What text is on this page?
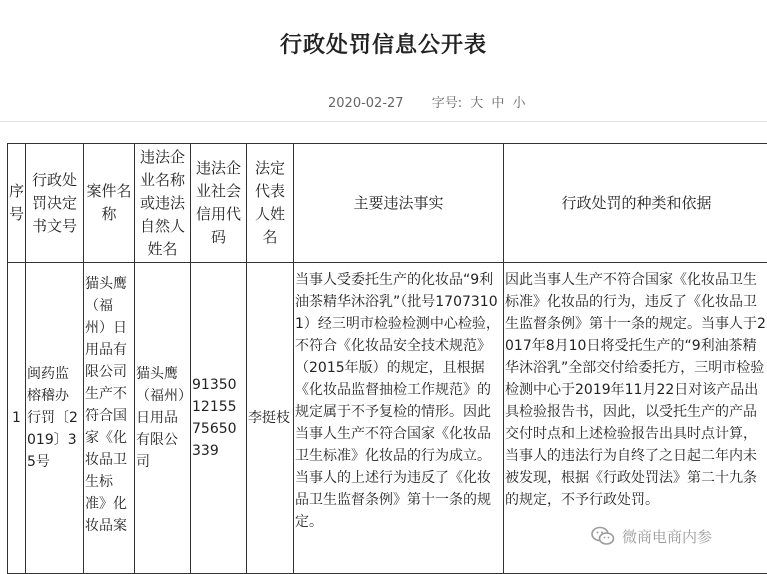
行政处罚信息公开表
2020-02-27 字号: 大 中 小
序号	行政处罚决定书文号	案件名称	违法企业名称或违法自然人姓名	违法企业社会信用代码	法定代表人姓名	主要违法事实	行政处罚的种类和依据
1	闽药监榕稽办行罚〔2019〕35号	猫头鹰（福州）日用品有限公司生产不符合国家《化妆品卫生标准》化妆品案	猫头鹰（福州）日用品有限公司	913501215575650339	李挺枝	当事人受委托生产的化妆品“9利油茶精华沐浴乳”（批号17073101）经三明市检验检测中心检验，不符合《化妆品安全技术规范》（2015年版）的规定，且根据《化妆品监督抽检工作规范》的规定属于不予复检的情形。因此当事人生产不符合国家《化妆品卫生标准》化妆品的行为成立。当事人的上述行为违反了《化妆品卫生监督条例》第十一条的规定。	因此当事人生产不符合国家《化妆品卫生标准》化妆品的行为，违反了《化妆品卫生监督条例》第十一条的规定。当事人于2017年8月10日将受托生产的“9利油茶精华沐浴乳”全部交付给委托方，三明市检验检测中心于2019年11月22日对该产品出具检验报告书，因此，以受托生产的产品交付时点和上述检验报告出具时点计算，当事人的违法行为自终了之日起二年内未被发现，根据《行政处罚法》第二十九条的规定，不予行政处罚。
微商电商内参
